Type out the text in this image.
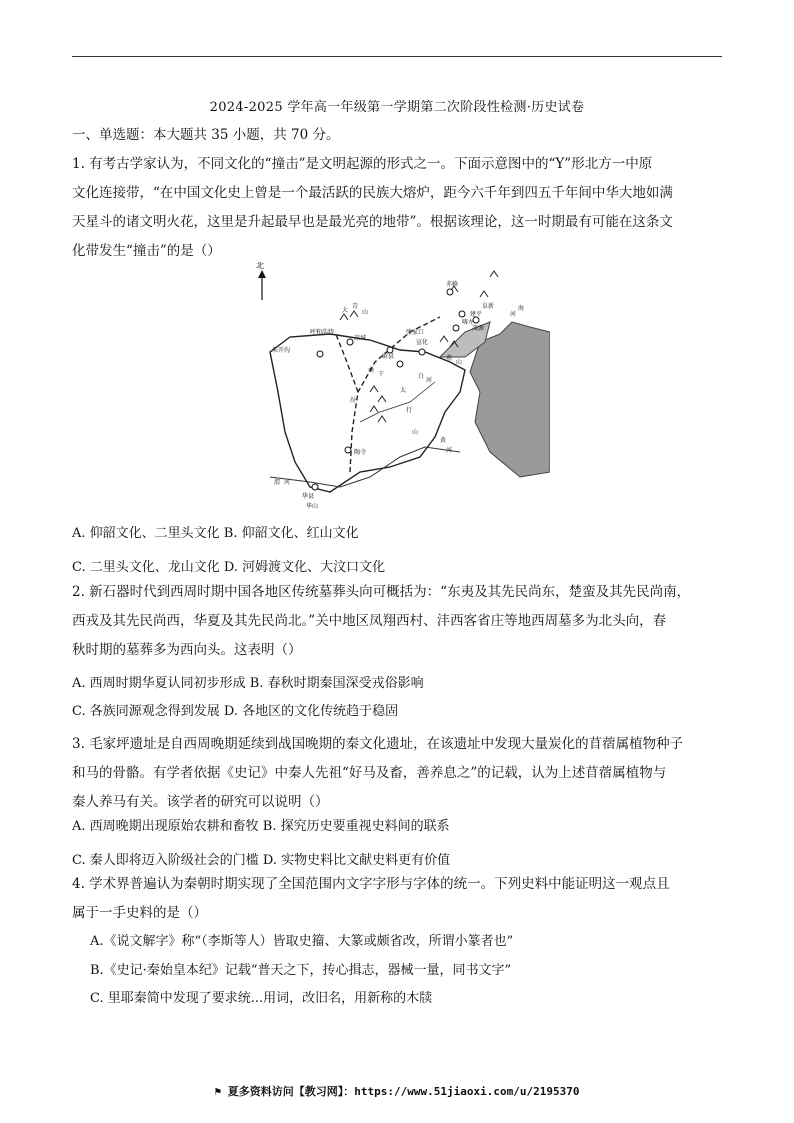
2024-2025 学年高一年级第一学期第二次阶段性检测·历史试卷
一、单选题：本大题共 35 小题，共 70 分。
1. 有考古学家认为，不同文化的“撞击”是文明起源的形式之一。下面示意图中的“Y”形北方一中原
文化连接带，“在中国文化史上曾是一个最活跃的民族大熔炉，距今六千年到四五千年间中华大地如满
天星斗的诸文明火花，这里是升起最早也是最光亮的地带”。根据该理论，这一时期最有可能在这条文
化带发生“撞击”的是（）
北
大
青
山
赤峰
呼和浩特
凉城
朱开沟
张家口
宣化
蔚县
太
行
山
陶寺
华县
华山
渭 河
喀左
建平
凌源
阜新
汾
黄
河
桑
干
燕
山
白
河
河
海
A. 仰韶文化、二里头文化 B. 仰韶文化、红山文化
C. 二里头文化、龙山文化 D. 河姆渡文化、大汶口文化
2. 新石器时代到西周时期中国各地区传统墓葬头向可概括为：“东夷及其先民尚东，楚蛮及其先民尚南，
西戎及其先民尚西，华夏及其先民尚北。”关中地区凤翔西村、沣西客省庄等地西周墓多为北头向，春
秋时期的墓葬多为西向头。这表明（）
A. 西周时期华夏认同初步形成 B. 春秋时期秦国深受戎俗影响
C. 各族同源观念得到发展 D. 各地区的文化传统趋于稳固
3. 毛家坪遗址是自西周晚期延续到战国晚期的秦文化遗址，在该遗址中发现大量炭化的苜蓿属植物种子
和马的骨骼。有学者依据《史记》中秦人先祖“好马及畜，善养息之”的记载，认为上述苜蓿属植物与
秦人养马有关。该学者的研究可以说明（）
A. 西周晚期出现原始农耕和畜牧 B. 探究历史要重视史料间的联系
C. 秦人即将迈入阶级社会的门槛 D. 实物史料比文献史料更有价值
4. 学术界普遍认为秦朝时期实现了全国范围内文字字形与字体的统一。下列史料中能证明这一观点且
属于一手史料的是（）
A.《说文解字》称“（李斯等人）皆取史籀、大篆或颇省改，所谓小篆者也”
B.《史记·秦始皇本纪》记载“普天之下，抟心揖志，器械一量，同书文字”
C. 里耶秦简中发现了要求统...用词，改旧名，用新称的木牍
⚑ 夏多资料访问【教习网】：https://www.51jiaoxi.com/u/2195370
